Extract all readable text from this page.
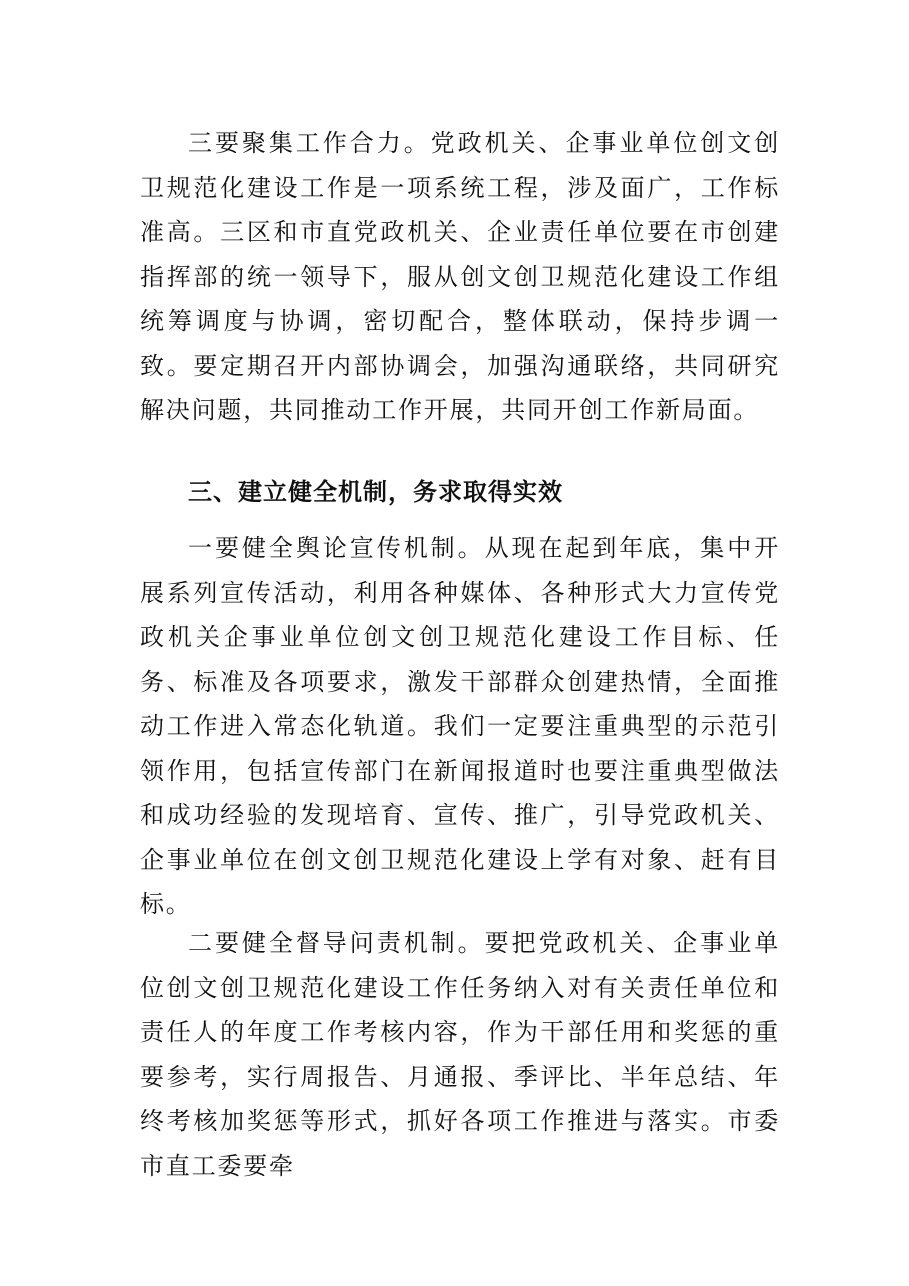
三要聚集工作合力。党政机关、企事业单位创文创卫规范化建设工作是一项系统工程，涉及面广，工作标准高。三区和市直党政机关、企业责任单位要在市创建指挥部的统一领导下，服从创文创卫规范化建设工作组统筹调度与协调，密切配合，整体联动，保持步调一致。要定期召开内部协调会，加强沟通联络，共同研究解决问题，共同推动工作开展，共同开创工作新局面。

三、建立健全机制，务求取得实效

一要健全舆论宣传机制。从现在起到年底，集中开展系列宣传活动，利用各种媒体、各种形式大力宣传党政机关企事业单位创文创卫规范化建设工作目标、任务、标准及各项要求，激发干部群众创建热情，全面推动工作进入常态化轨道。我们一定要注重典型的示范引领作用，包括宣传部门在新闻报道时也要注重典型做法和成功经验的发现培育、宣传、推广，引导党政机关、企事业单位在创文创卫规范化建设上学有对象、赶有目标。

二要健全督导问责机制。要把党政机关、企事业单位创文创卫规范化建设工作任务纳入对有关责任单位和责任人的年度工作考核内容，作为干部任用和奖惩的重要参考，实行周报告、月通报、季评比、半年总结、年终考核加奖惩等形式，抓好各项工作推进与落实。市委市直工委要牵
